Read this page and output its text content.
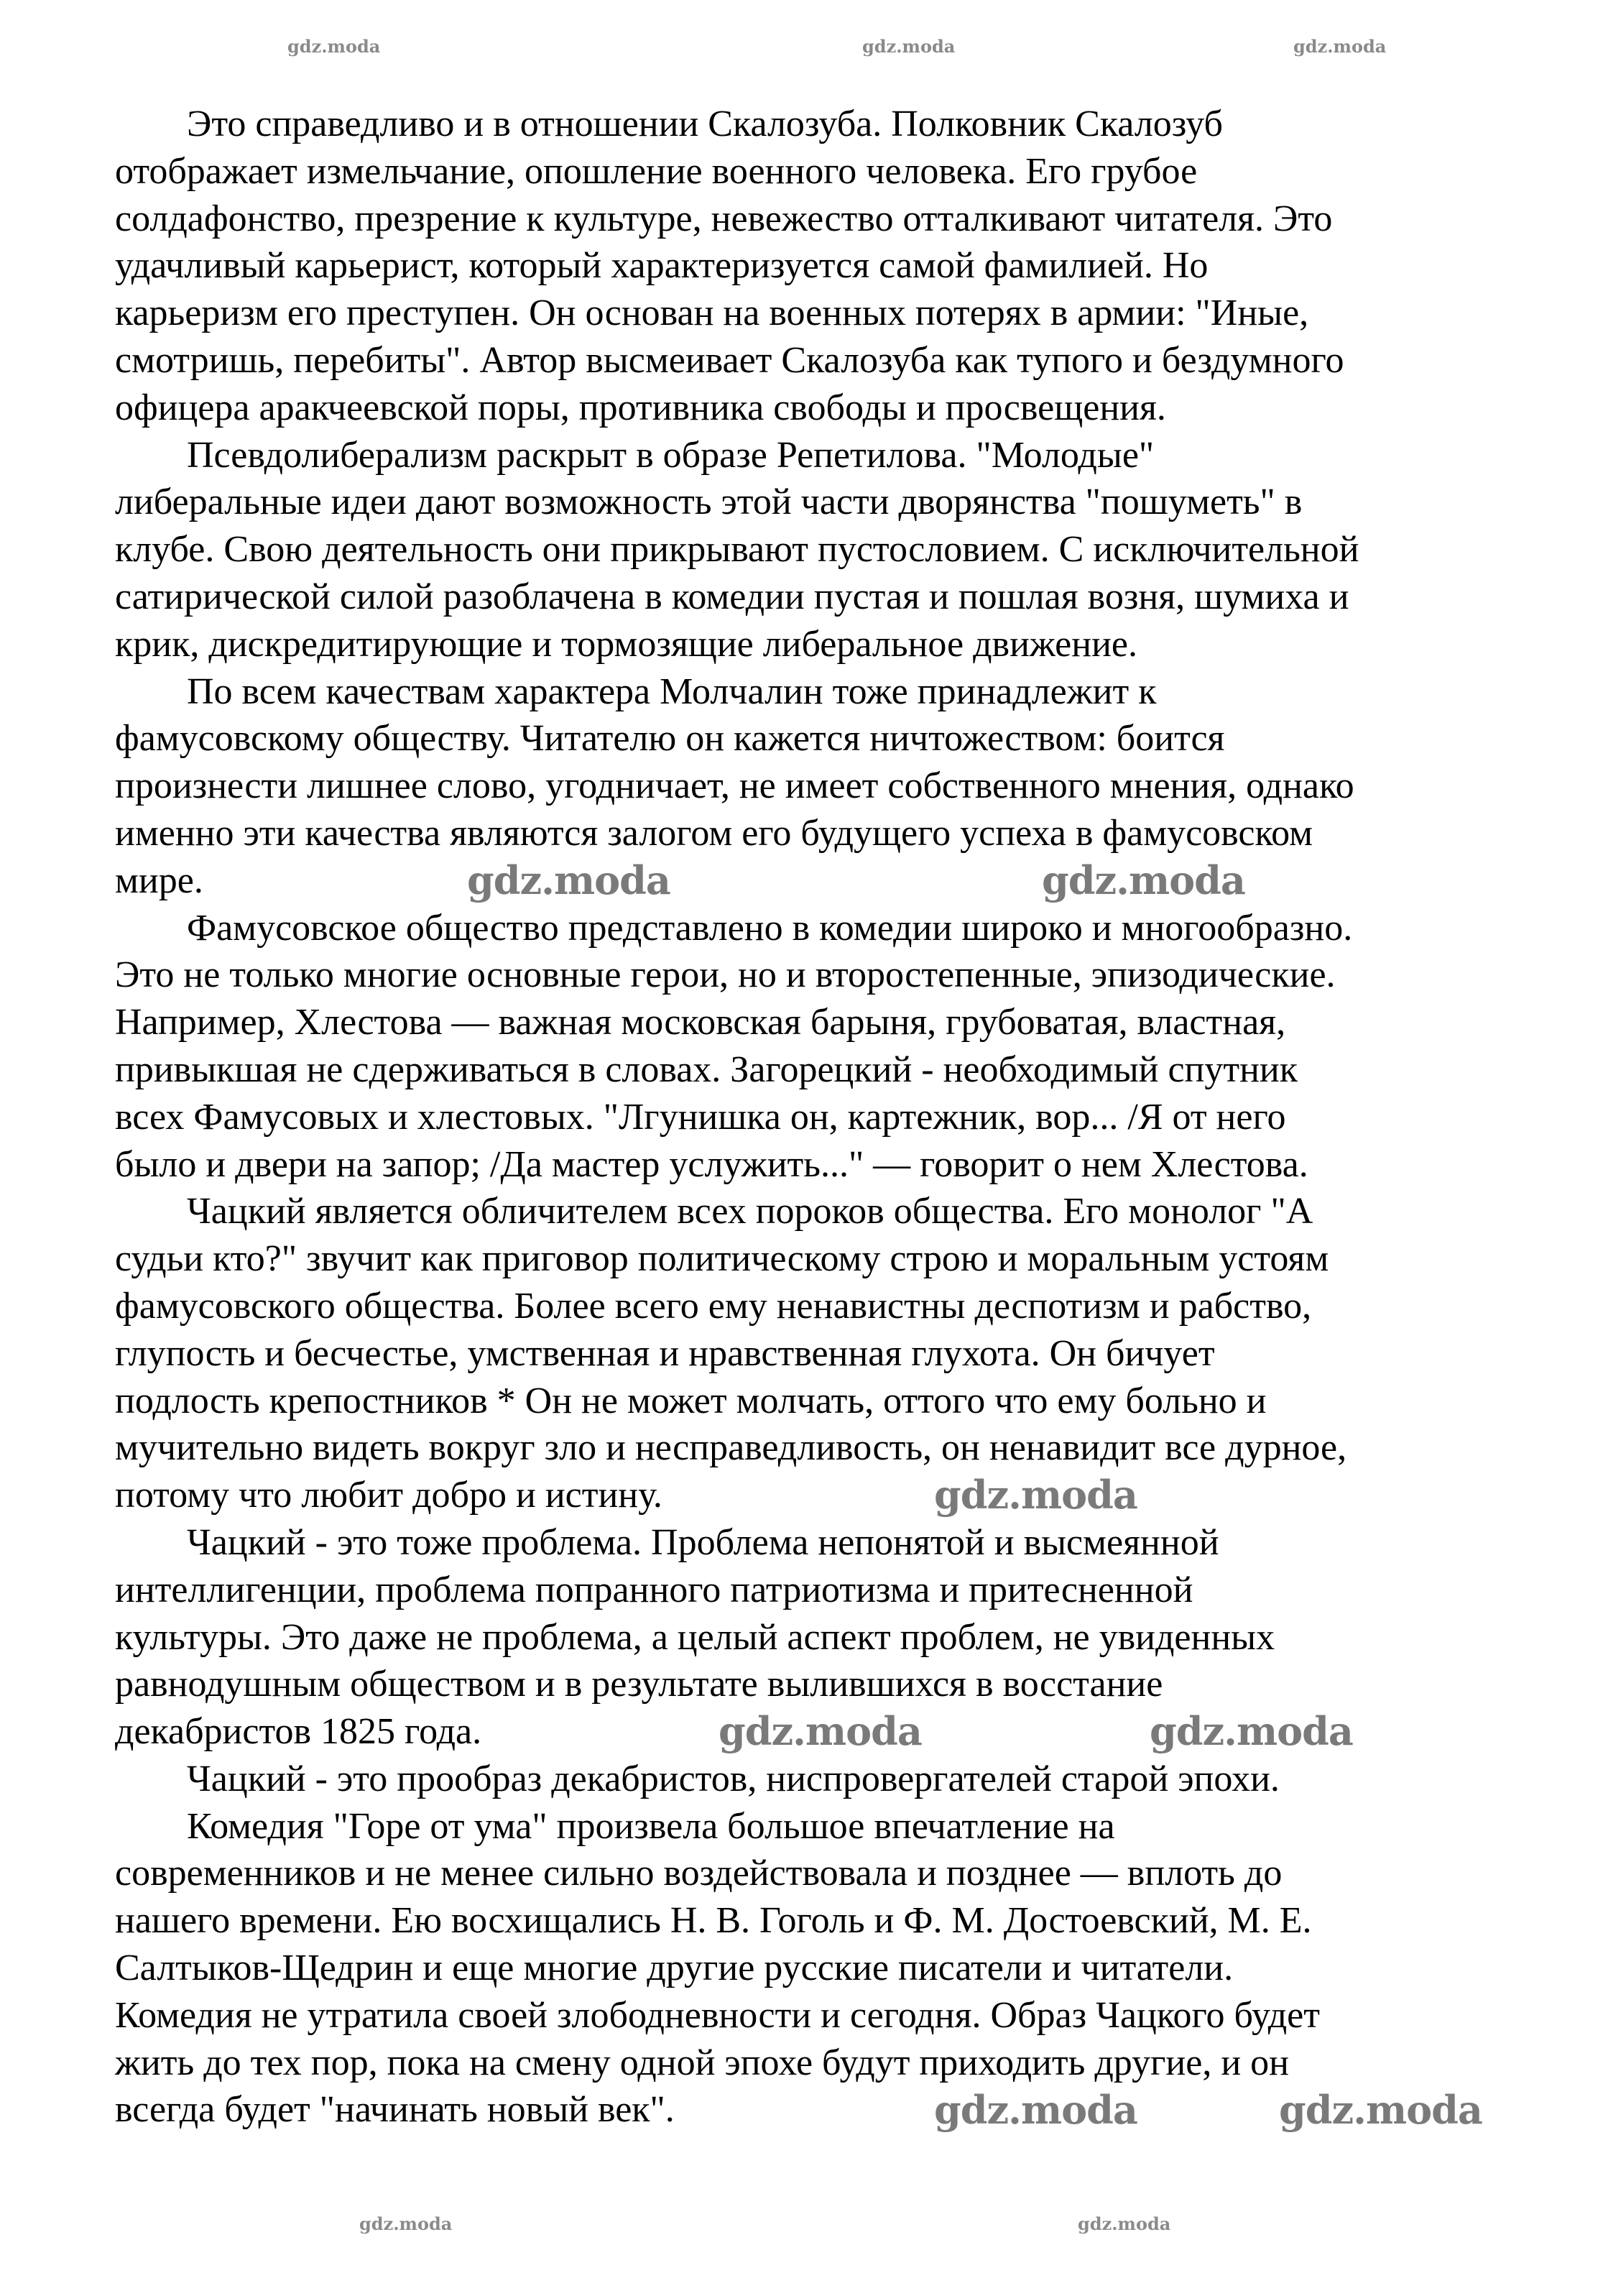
Это справедливо и в отношении Скалозуба. Полковник Скалозуб
отображает измельчание, опошление военного человека. Его грубое
солдафонство, презрение к культуре, невежество отталкивают читателя. Это
удачливый карьерист, который характеризуется самой фамилией. Но
карьеризм его преступен. Он основан на военных потерях в армии: "Иные,
смотришь, перебиты". Автор высмеивает Скалозуба как тупого и бездумного
офицера аракчеевской поры, противника свободы и просвещения.
Псевдолиберализм раскрыт в образе Репетилова. "Молодые"
либеральные идеи дают возможность этой части дворянства "пошуметь" в
клубе. Свою деятельность они прикрывают пустословием. С исключительной
сатирической силой разоблачена в комедии пустая и пошлая возня, шумиха и
крик, дискредитирующие и тормозящие либеральное движение.
По всем качествам характера Молчалин тоже принадлежит к
фамусовскому обществу. Читателю он кажется ничтожеством: боится
произнести лишнее слово, угодничает, не имеет собственного мнения, однако
именно эти качества являются залогом его будущего успеха в фамусовском
мире.
Фамусовское общество представлено в комедии широко и многообразно.
Это не только многие основные герои, но и второстепенные, эпизодические.
Например, Хлестова — важная московская барыня, грубоватая, властная,
привыкшая не сдерживаться в словах. Загорецкий - необходимый спутник
всех Фамусовых и хлестовых. "Лгунишка он, картежник, вор... /Я от него
было и двери на запор; /Да мастер услужить..." — говорит о нем Хлестова.
Чацкий является обличителем всех пороков общества. Его монолог "А
судьи кто?" звучит как приговор политическому строю и моральным устоям
фамусовского общества. Более всего ему ненавистны деспотизм и рабство,
глупость и бесчестье, умственная и нравственная глухота. Он бичует
подлость крепостников * Он не может молчать, оттого что ему больно и
мучительно видеть вокруг зло и несправедливость, он ненавидит все дурное,
потому что любит добро и истину.
Чацкий - это тоже проблема. Проблема непонятой и высмеянной
интеллигенции, проблема попранного патриотизма и притесненной
культуры. Это даже не проблема, а целый аспект проблем, не увиденных
равнодушным обществом и в результате вылившихся в восстание
декабристов 1825 года.
Чацкий - это прообраз декабристов, ниспровергателей старой эпохи.
Комедия "Горе от ума" произвела большое впечатление на
современников и не менее сильно воздействовала и позднее — вплоть до
нашего времени. Ею восхищались Н. В. Гоголь и Ф. М. Достоевский, М. Е.
Салтыков-Щедрин и еще многие другие русские писатели и читатели.
Комедия не утратила своей злободневности и сегодня. Образ Чацкого будет
жить до тех пор, пока на смену одной эпохе будут приходить другие, и он
всегда будет "начинать новый век".
gdz.moda	gdz.moda	gdz.moda
gdz.moda	gdz.moda
gdz.moda
gdz.moda	gdz.moda
gdz.moda	gdz.moda
gdz.moda	gdz.moda
